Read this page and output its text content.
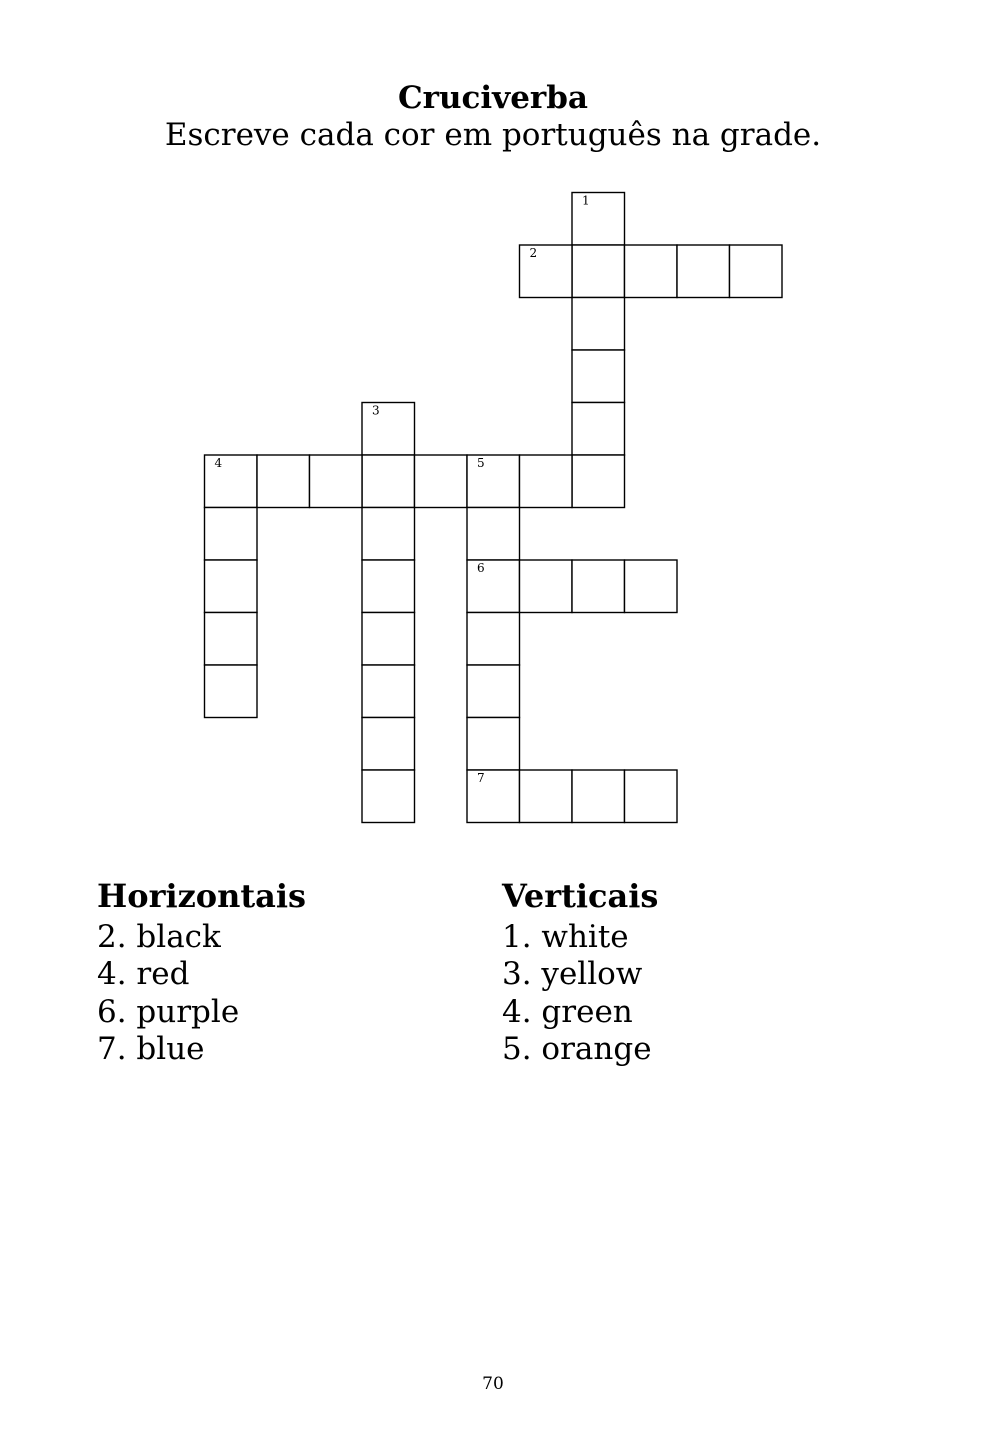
Cruciverba

Escreve cada cor em português na grade.

1
2
3
4	5
6
7
Horizontais
2. black
4. red
6. purple
7. blue
Verticais
1. white
3. yellow
4. green
5. orange

70
